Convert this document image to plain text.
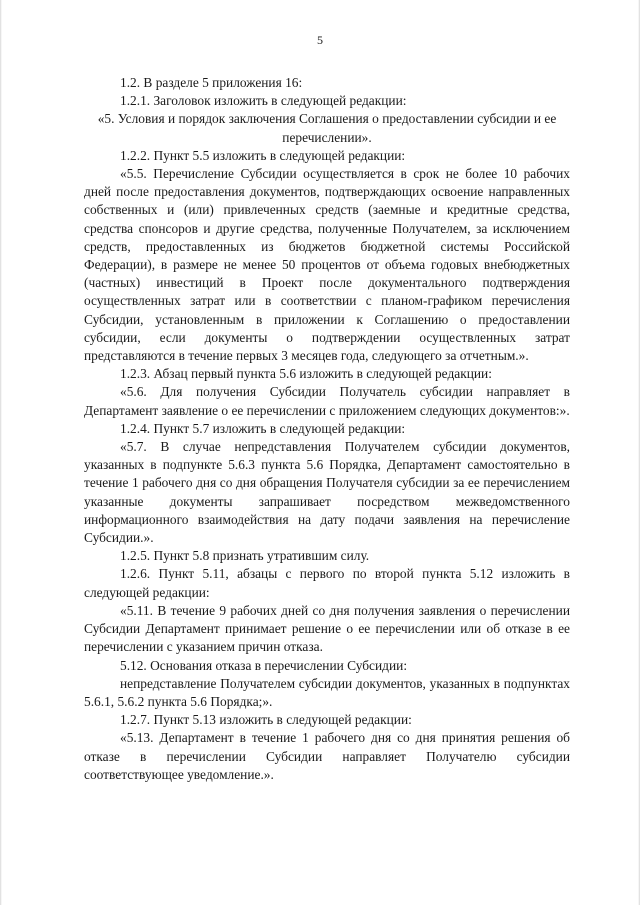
5

1.2. В разделе 5 приложения 16:

1.2.1. Заголовок изложить в следующей редакции:

«5. Условия и порядок заключения Соглашения о предоставлении субсидии и ее перечислении».

1.2.2. Пункт 5.5 изложить в следующей редакции:

«5.5. Перечисление Субсидии осуществляется в срок не более 10 рабочих дней после предоставления документов, подтверждающих освоение направленных собственных и (или) привлеченных средств (заемные и кредитные средства, средства спонсоров и другие средства, полученные Получателем, за исключением средств, предоставленных из бюджетов бюджетной системы Российской Федерации), в размере не менее 50 процентов от объема годовых внебюджетных (частных) инвестиций в Проект после документального подтверждения осуществленных затрат или в соответствии с планом-графиком перечисления Субсидии, установленным в приложении к Соглашению о предоставлении субсидии, если документы о подтверждении осуществленных затрат представляются в течение первых 3 месяцев года, следующего за отчетным.».

1.2.3. Абзац первый пункта 5.6 изложить в следующей редакции:

«5.6. Для получения Субсидии Получатель субсидии направляет в Департамент заявление о ее перечислении с приложением следующих документов:».

1.2.4. Пункт 5.7 изложить в следующей редакции:

«5.7. В случае непредставления Получателем субсидии документов, указанных в подпункте 5.6.3 пункта 5.6 Порядка, Департамент самостоятельно в течение 1 рабочего дня со дня обращения Получателя субсидии за ее перечислением указанные документы запрашивает посредством межведомственного информационного взаимодействия на дату подачи заявления на перечисление Субсидии.».

1.2.5. Пункт 5.8 признать утратившим силу.

1.2.6. Пункт 5.11, абзацы с первого по второй пункта 5.12 изложить в следующей редакции:

«5.11. В течение 9 рабочих дней со дня получения заявления о перечислении Субсидии Департамент принимает решение о ее перечислении или об отказе в ее перечислении с указанием причин отказа.

5.12. Основания отказа в перечислении Субсидии:

непредставление Получателем субсидии документов, указанных в подпунктах 5.6.1, 5.6.2 пункта 5.6 Порядка;».

1.2.7. Пункт 5.13 изложить в следующей редакции:

«5.13. Департамент в течение 1 рабочего дня со дня принятия решения об отказе в перечислении Субсидии направляет Получателю субсидии соответствующее уведомление.».
